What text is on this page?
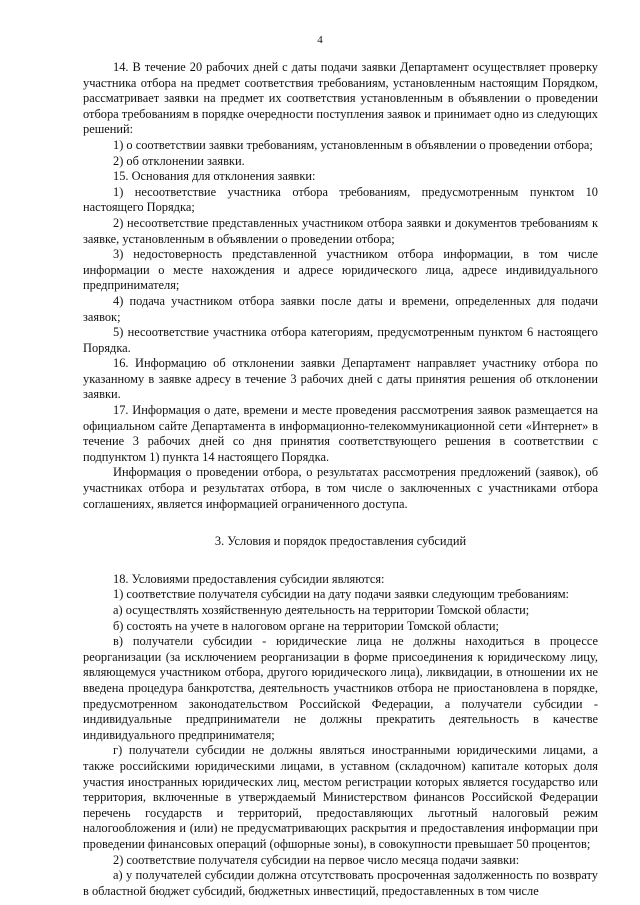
4

14. В течение 20 рабочих дней с даты подачи заявки Департамент осуществляет проверку участника отбора на предмет соответствия требованиям, установленным настоящим Порядком, рассматривает заявки на предмет их соответствия установленным в объявлении о проведении отбора требованиям в порядке очередности поступления заявок и принимает одно из следующих решений:

1) о соответствии заявки требованиям, установленным в объявлении о проведении отбора;

2) об отклонении заявки.

15. Основания для отклонения заявки:

1) несоответствие участника отбора требованиям, предусмотренным пунктом 10 настоящего Порядка;

2) несоответствие представленных участником отбора заявки и документов требованиям к заявке, установленным в объявлении о проведении отбора;

3) недостоверность представленной участником отбора информации, в том числе информации о месте нахождения и адресе юридического лица, адресе индивидуального предпринимателя;

4) подача участником отбора заявки после даты и времени, определенных для подачи заявок;

5) несоответствие участника отбора категориям, предусмотренным пунктом 6 настоящего Порядка.

16. Информацию об отклонении заявки Департамент направляет участнику отбора по указанному в заявке адресу в течение 3 рабочих дней с даты принятия решения об отклонении заявки.

17. Информация о дате, времени и месте проведения рассмотрения заявок размещается на официальном сайте Департамента в информационно-телекоммуникационной сети «Интернет» в течение 3 рабочих дней со дня принятия соответствующего решения в соответствии с подпунктом 1) пункта 14 настоящего Порядка.

Информация о проведении отбора, о результатах рассмотрения предложений (заявок), об участниках отбора и результатах отбора, в том числе о заключенных с участниками отбора соглашениях, является информацией ограниченного доступа.

3. Условия и порядок предоставления субсидий

18. Условиями предоставления субсидии являются:

1) соответствие получателя субсидии на дату подачи заявки следующим требованиям:

а) осуществлять хозяйственную деятельность на территории Томской области;

б) состоять на учете в налоговом органе на территории Томской области;

в) получатели субсидии - юридические лица не должны находиться в процессе реорганизации (за исключением реорганизации в форме присоединения к юридическому лицу, являющемуся участником отбора, другого юридического лица), ликвидации, в отношении их не введена процедура банкротства, деятельность участников отбора не приостановлена в порядке, предусмотренном законодательством Российской Федерации, а получатели субсидии - индивидуальные предприниматели не должны прекратить деятельность в качестве индивидуального предпринимателя;

г) получатели субсидии не должны являться иностранными юридическими лицами, а также российскими юридическими лицами, в уставном (складочном) капитале которых доля участия иностранных юридических лиц, местом регистрации которых является государство или территория, включенные в утверждаемый Министерством финансов Российской Федерации перечень государств и территорий, предоставляющих льготный налоговый режим налогообложения и (или) не предусматривающих раскрытия и предоставления информации при проведении финансовых операций (офшорные зоны), в совокупности превышает 50 процентов;

2) соответствие получателя субсидии на первое число месяца подачи заявки:

а) у получателей субсидии должна отсутствовать просроченная задолженность по возврату в областной бюджет субсидий, бюджетных инвестиций, предоставленных в том числе
